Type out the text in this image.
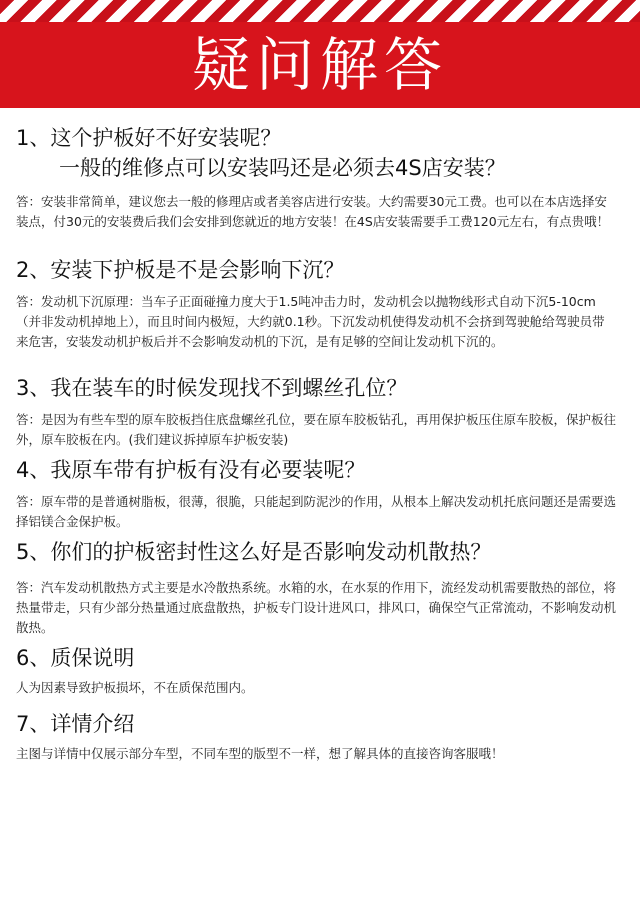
疑问解答

1、这个护板好不好安装呢？

一般的维修点可以安装吗还是必须去4S店安装？

答：安装非常简单，建议您去一般的修理店或者美容店进行安装。大约需要30元工费。也可以在本店选择安装点，付30元的安装费后我们会安排到您就近的地方安装！在4S店安装需要手工费120元左右，有点贵哦！

2、安装下护板是不是会影响下沉？

答：发动机下沉原理：当车子正面碰撞力度大于1.5吨冲击力时，发动机会以抛物线形式自动下沉5-10cm（并非发动机掉地上），而且时间内极短，大约就0.1秒。下沉发动机使得发动机不会挤到驾驶舱给驾驶员带来危害，安装发动机护板后并不会影响发动机的下沉，是有足够的空间让发动机下沉的。

3、我在装车的时候发现找不到螺丝孔位？

答：是因为有些车型的原车胶板挡住底盘螺丝孔位，要在原车胶板钻孔，再用保护板压住原车胶板，保护板往外，原车胶板在内。(我们建议拆掉原车护板安装)

4、我原车带有护板有没有必要装呢？

答：原车带的是普通树脂板，很薄，很脆，只能起到防泥沙的作用，从根本上解决发动机托底问题还是需要选择铝镁合金保护板。

5、你们的护板密封性这么好是否影响发动机散热？

答：汽车发动机散热方式主要是水冷散热系统。水箱的水，在水泵的作用下，流经发动机需要散热的部位，将热量带走，只有少部分热量通过底盘散热，护板专门设计进风口，排风口，确保空气正常流动，不影响发动机散热。

6、质保说明

人为因素导致护板损坏，不在质保范围内。

7、详情介绍

主图与详情中仅展示部分车型，不同车型的版型不一样，想了解具体的直接咨询客服哦！
